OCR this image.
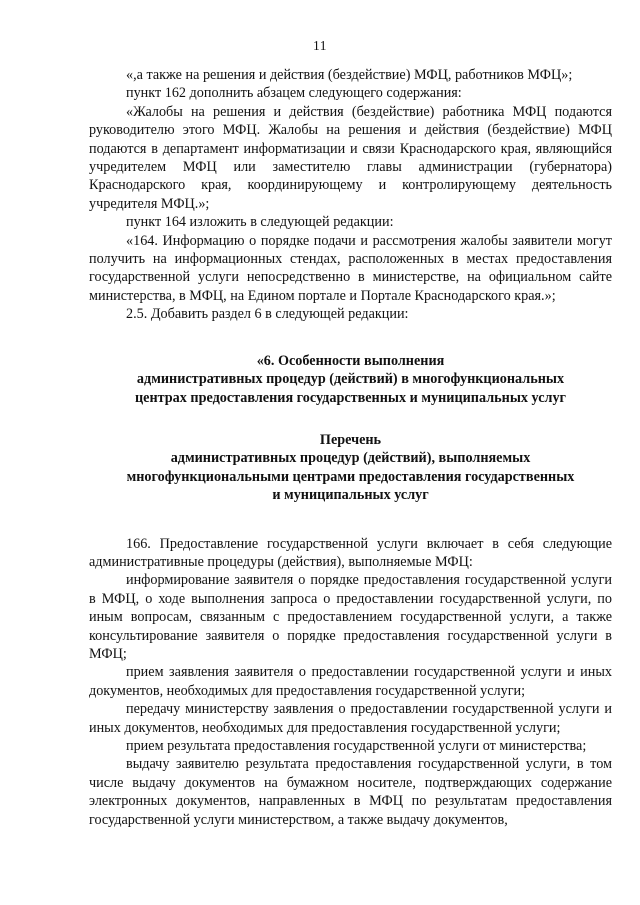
11

«,а также на решения и действия (бездействие) МФЦ, работников МФЦ»;

пункт 162 дополнить абзацем следующего содержания:

«Жалобы на решения и действия (бездействие) работника МФЦ подаются руководителю этого МФЦ. Жалобы на решения и действия (бездействие) МФЦ подаются в департамент информатизации и связи Краснодарского края, являющийся учредителем МФЦ или заместителю главы администрации (губернатора) Краснодарского края, координирующему и контролирующему деятельность учредителя МФЦ.»;

пункт 164 изложить в следующей редакции:

«164. Информацию о порядке подачи и рассмотрения жалобы заявители могут получить на информационных стендах, расположенных в местах предоставления государственной услуги непосредственно в министерстве, на официальном сайте министерства, в МФЦ, на Едином портале и Портале Краснодарского края.»;

2.5. Добавить раздел 6 в следующей редакции:

«6. Особенности выполнения

административных процедур (действий) в многофункциональных

центрах предоставления государственных и муниципальных услуг

Перечень

административных процедур (действий), выполняемых

многофункциональными центрами предоставления государственных

и муниципальных услуг

166. Предоставление государственной услуги включает в себя следующие административные процедуры (действия), выполняемые МФЦ:

информирование заявителя о порядке предоставления государственной услуги в МФЦ, о ходе выполнения запроса о предоставлении государственной услуги, по иным вопросам, связанным с предоставлением государственной услуги, а также консультирование заявителя о порядке предоставления государственной услуги в МФЦ;

прием заявления заявителя о предоставлении государственной услуги и иных документов, необходимых для предоставления государственной услуги;

передачу министерству заявления о предоставлении государственной услуги и иных документов, необходимых для предоставления государственной услуги;

прием результата предоставления государственной услуги от министерства;

выдачу заявителю результата предоставления государственной услуги, в том числе выдачу документов на бумажном носителе, подтверждающих содержание электронных документов, направленных в МФЦ по результатам предоставления государственной услуги министерством, а также выдачу документов,
